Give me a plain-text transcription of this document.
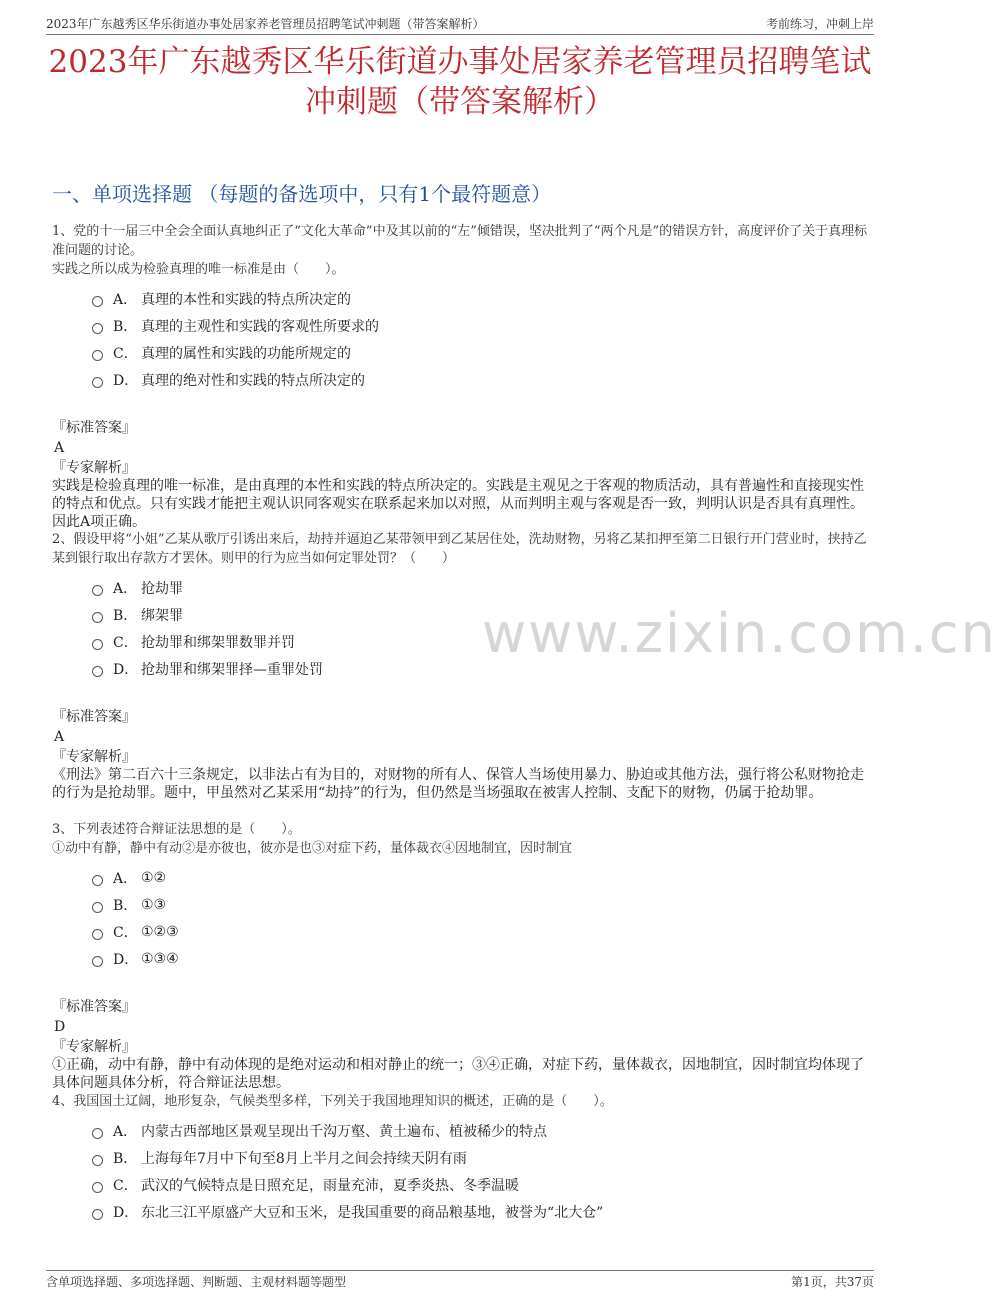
2023年广东越秀区华乐街道办事处居家养老管理员招聘笔试冲刺题（带答案解析）	考前练习，冲刺上岸
2023年广东越秀区华乐街道办事处居家养老管理员招聘笔试冲刺题（带答案解析）
一、单项选择题 （每题的备选项中，只有1个最符题意）

1、党的十一届三中全会全面认真地纠正了“文化大革命”中及其以前的“左”倾错误，坚决批判了“两个凡是”的错误方针，高度评价了关于真理标准问题的讨论。

实践之所以成为检验真理的唯一标准是由（　　）。

A． 真理的本性和实践的特点所决定的
B． 真理的主观性和实践的客观性所要求的
C． 真理的属性和实践的功能所规定的
D． 真理的绝对性和实践的特点所决定的

『标准答案』

A

『专家解析』

实践是检验真理的唯一标准，是由真理的本性和实践的特点所决定的。实践是主观见之于客观的物质活动，具有普遍性和直接现实性的特点和优点。只有实践才能把主观认识同客观实在联系起来加以对照，从而判明主观与客观是否一致，判明认识是否具有真理性。因此A项正确。

2、假设甲将“小姐”乙某从歌厅引诱出来后，劫持并逼迫乙某带领甲到乙某居住处，洗劫财物，另将乙某扣押至第二日银行开门营业时，挟持乙某到银行取出存款方才罢休。则甲的行为应当如何定罪处罚？（　　）

A． 抢劫罪
B． 绑架罪
C． 抢劫罪和绑架罪数罪并罚
D． 抢劫罪和绑架罪择—重罪处罚

『标准答案』

A

『专家解析』

《刑法》第二百六十三条规定，以非法占有为目的，对财物的所有人、保管人当场使用暴力、胁迫或其他方法，强行将公私财物抢走的行为是抢劫罪。题中，甲虽然对乙某采用“劫持”的行为，但仍然是当场强取在被害人控制、支配下的财物，仍属于抢劫罪。

3、下列表述符合辩证法思想的是（　　）。

①动中有静，静中有动②是亦彼也，彼亦是也③对症下药，量体裁衣④因地制宜，因时制宜

A． ①②
B． ①③
C． ①②③
D． ①③④

『标准答案』

D

『专家解析』

①正确，动中有静，静中有动体现的是绝对运动和相对静止的统一；③④正确，对症下药，量体裁衣，因地制宜，因时制宜均体现了具体问题具体分析，符合辩证法思想。

4、我国国土辽阔，地形复杂，气候类型多样，下列关于我国地理知识的概述，正确的是（　　）。

A． 内蒙古西部地区景观呈现出千沟万壑、黄土遍布、植被稀少的特点
B． 上海每年7月中下旬至8月上半月之间会持续天阴有雨
C． 武汉的气候特点是日照充足，雨量充沛，夏季炎热、冬季温暖
D． 东北三江平原盛产大豆和玉米，是我国重要的商品粮基地，被誉为“北大仓”
www.zixin.com.cn
含单项选择题、多项选择题、判断题、主观材料题等题型	第1页，共37页
